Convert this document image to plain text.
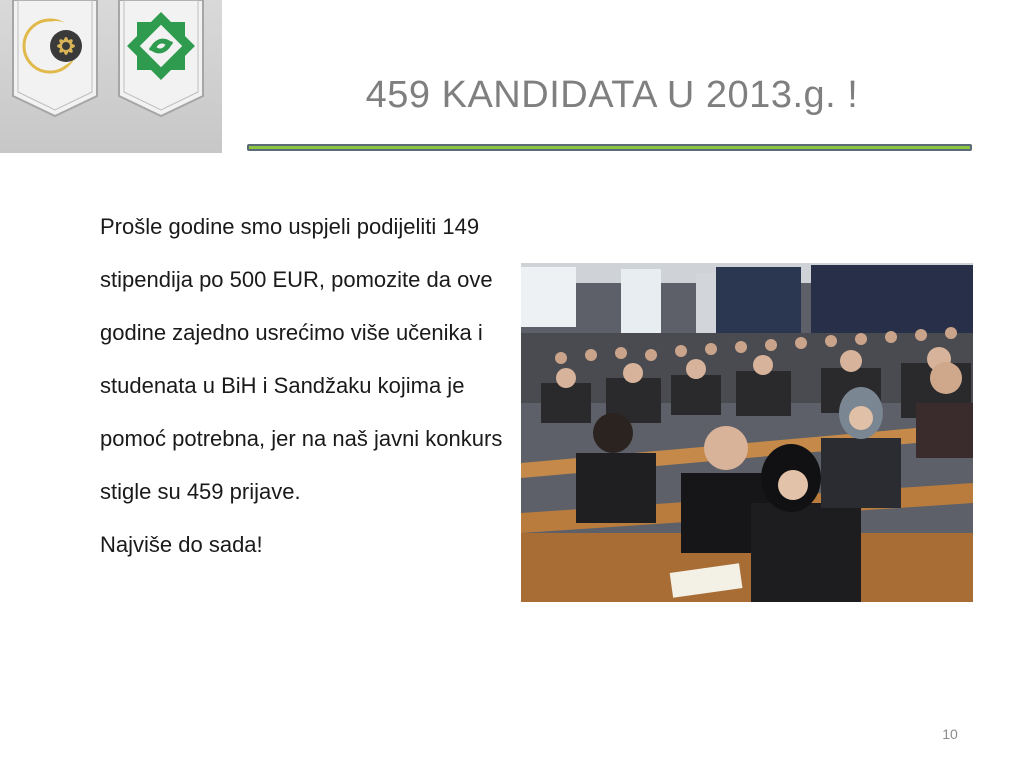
459 KANDIDATA U 2013.g. !

Prošle godine smo uspjeli podijeliti 149 stipendija po 500 EUR, pomozite da ove godine zajedno usrećimo više učenika i studenata u BiH i Sandžaku kojima je pomoć potrebna, jer na naš javni konkurs stigle su 459 prijave.

Najviše do sada!

10
